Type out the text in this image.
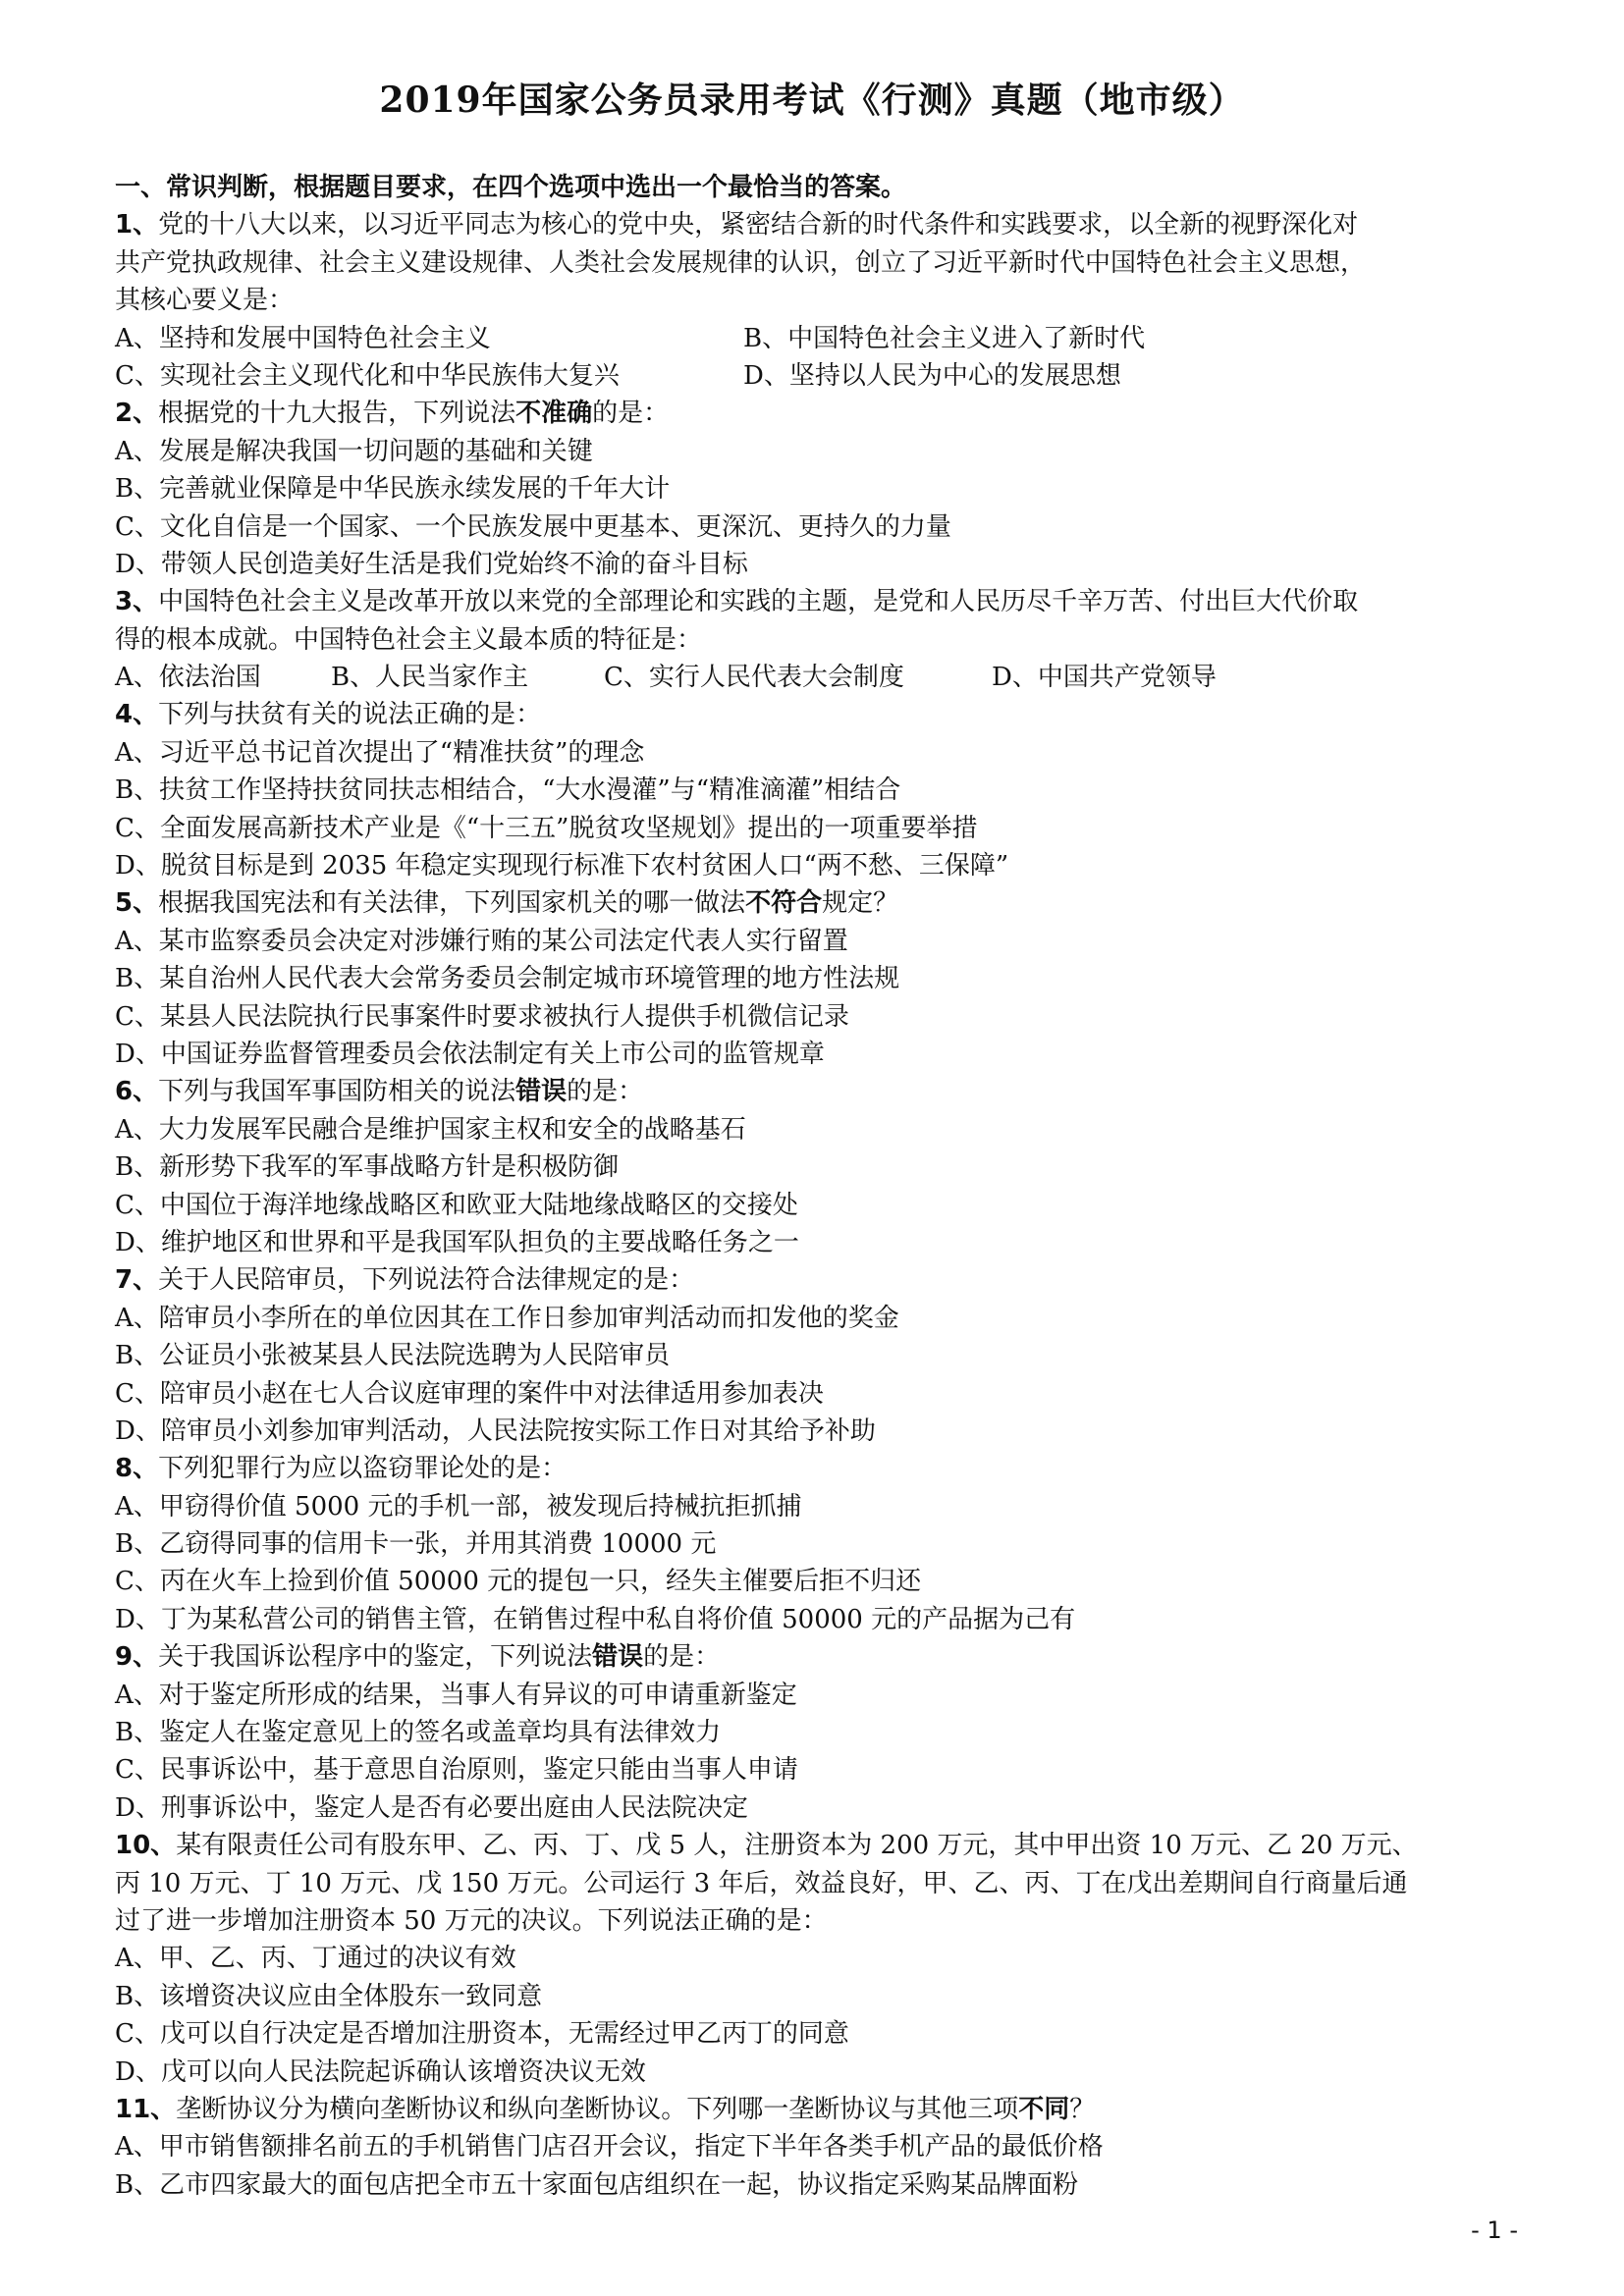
2019年国家公务员录用考试《行测》真题（地市级）
一、常识判断，根据题目要求，在四个选项中选出一个最恰当的答案。
1、党的十八大以来，以习近平同志为核心的党中央，紧密结合新的时代条件和实践要求，以全新的视野深化对
共产党执政规律、社会主义建设规律、人类社会发展规律的认识，创立了习近平新时代中国特色社会主义思想，
其核心要义是：
A、坚持和发展中国特色社会主义	B、中国特色社会主义进入了新时代
C、实现社会主义现代化和中华民族伟大复兴	D、坚持以人民为中心的发展思想
2、根据党的十九大报告，下列说法不准确的是：
A、发展是解决我国一切问题的基础和关键
B、完善就业保障是中华民族永续发展的千年大计
C、文化自信是一个国家、一个民族发展中更基本、更深沉、更持久的力量
D、带领人民创造美好生活是我们党始终不渝的奋斗目标
3、中国特色社会主义是改革开放以来党的全部理论和实践的主题，是党和人民历尽千辛万苦、付出巨大代价取
得的根本成就。中国特色社会主义最本质的特征是：
A、依法治国	B、人民当家作主	C、实行人民代表大会制度	D、中国共产党领导
4、下列与扶贫有关的说法正确的是：
A、习近平总书记首次提出了“精准扶贫”的理念
B、扶贫工作坚持扶贫同扶志相结合，“大水漫灌”与“精准滴灌”相结合
C、全面发展高新技术产业是《“十三五”脱贫攻坚规划》提出的一项重要举措
D、脱贫目标是到 2035 年稳定实现现行标准下农村贫困人口“两不愁、三保障”
5、根据我国宪法和有关法律，下列国家机关的哪一做法不符合规定？
A、某市监察委员会决定对涉嫌行贿的某公司法定代表人实行留置
B、某自治州人民代表大会常务委员会制定城市环境管理的地方性法规
C、某县人民法院执行民事案件时要求被执行人提供手机微信记录
D、中国证券监督管理委员会依法制定有关上市公司的监管规章
6、下列与我国军事国防相关的说法错误的是：
A、大力发展军民融合是维护国家主权和安全的战略基石
B、新形势下我军的军事战略方针是积极防御
C、中国位于海洋地缘战略区和欧亚大陆地缘战略区的交接处
D、维护地区和世界和平是我国军队担负的主要战略任务之一
7、关于人民陪审员，下列说法符合法律规定的是：
A、陪审员小李所在的单位因其在工作日参加审判活动而扣发他的奖金
B、公证员小张被某县人民法院选聘为人民陪审员
C、陪审员小赵在七人合议庭审理的案件中对法律适用参加表决
D、陪审员小刘参加审判活动，人民法院按实际工作日对其给予补助
8、下列犯罪行为应以盗窃罪论处的是：
A、甲窃得价值 5000 元的手机一部，被发现后持械抗拒抓捕
B、乙窃得同事的信用卡一张，并用其消费 10000 元
C、丙在火车上捡到价值 50000 元的提包一只，经失主催要后拒不归还
D、丁为某私营公司的销售主管，在销售过程中私自将价值 50000 元的产品据为己有
9、关于我国诉讼程序中的鉴定，下列说法错误的是：
A、对于鉴定所形成的结果，当事人有异议的可申请重新鉴定
B、鉴定人在鉴定意见上的签名或盖章均具有法律效力
C、民事诉讼中，基于意思自治原则，鉴定只能由当事人申请
D、刑事诉讼中，鉴定人是否有必要出庭由人民法院决定
10、某有限责任公司有股东甲、乙、丙、丁、戊 5 人，注册资本为 200 万元，其中甲出资 10 万元、乙 20 万元、
丙 10 万元、丁 10 万元、戊 150 万元。公司运行 3 年后，效益良好，甲、乙、丙、丁在戊出差期间自行商量后通
过了进一步增加注册资本 50 万元的决议。下列说法正确的是：
A、甲、乙、丙、丁通过的决议有效
B、该增资决议应由全体股东一致同意
C、戊可以自行决定是否增加注册资本，无需经过甲乙丙丁的同意
D、戊可以向人民法院起诉确认该增资决议无效
11、垄断协议分为横向垄断协议和纵向垄断协议。下列哪一垄断协议与其他三项不同？
A、甲市销售额排名前五的手机销售门店召开会议，指定下半年各类手机产品的最低价格
B、乙市四家最大的面包店把全市五十家面包店组织在一起，协议指定采购某品牌面粉
- 1 -
